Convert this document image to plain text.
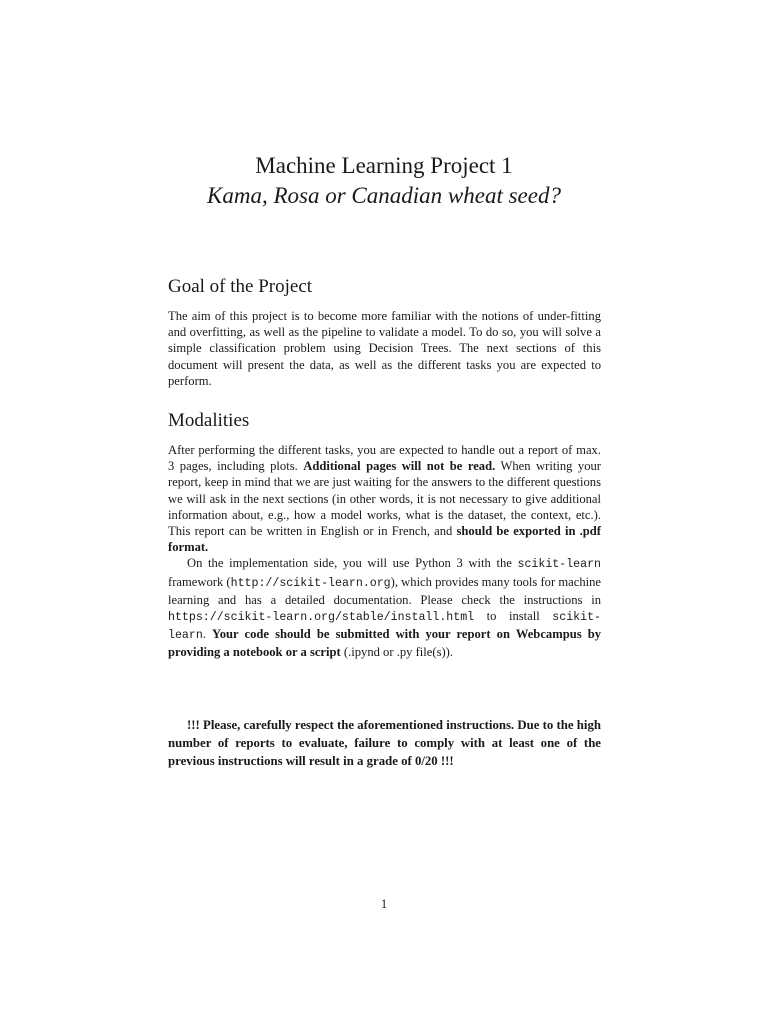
Machine Learning Project 1
Kama, Rosa or Canadian wheat seed?
Goal of the Project

The aim of this project is to become more familiar with the notions of under-fitting and overfitting, as well as the pipeline to validate a model. To do so, you will solve a simple classification problem using Decision Trees. The next sections of this document will present the data, as well as the different tasks you are expected to perform.

Modalities

After performing the different tasks, you are expected to handle out a report of max. 3 pages, including plots. Additional pages will not be read. When writing your report, keep in mind that we are just waiting for the answers to the different questions we will ask in the next sections (in other words, it is not necessary to give additional information about, e.g., how a model works, what is the dataset, the context, etc.). This report can be written in English or in French, and should be exported in .pdf format.

On the implementation side, you will use Python 3 with the scikit-learn framework (http://scikit-learn.org), which provides many tools for machine learning and has a detailed documentation. Please check the instructions in https://scikit-learn.org/stable/install.html to install scikit-learn. Your code should be submitted with your report on Webcampus by providing a notebook or a script (.ipynd or .py file(s)).

!!! Please, carefully respect the aforementioned instructions. Due to the high number of reports to evaluate, failure to comply with at least one of the previous instructions will result in a grade of 0/20 !!!

1
